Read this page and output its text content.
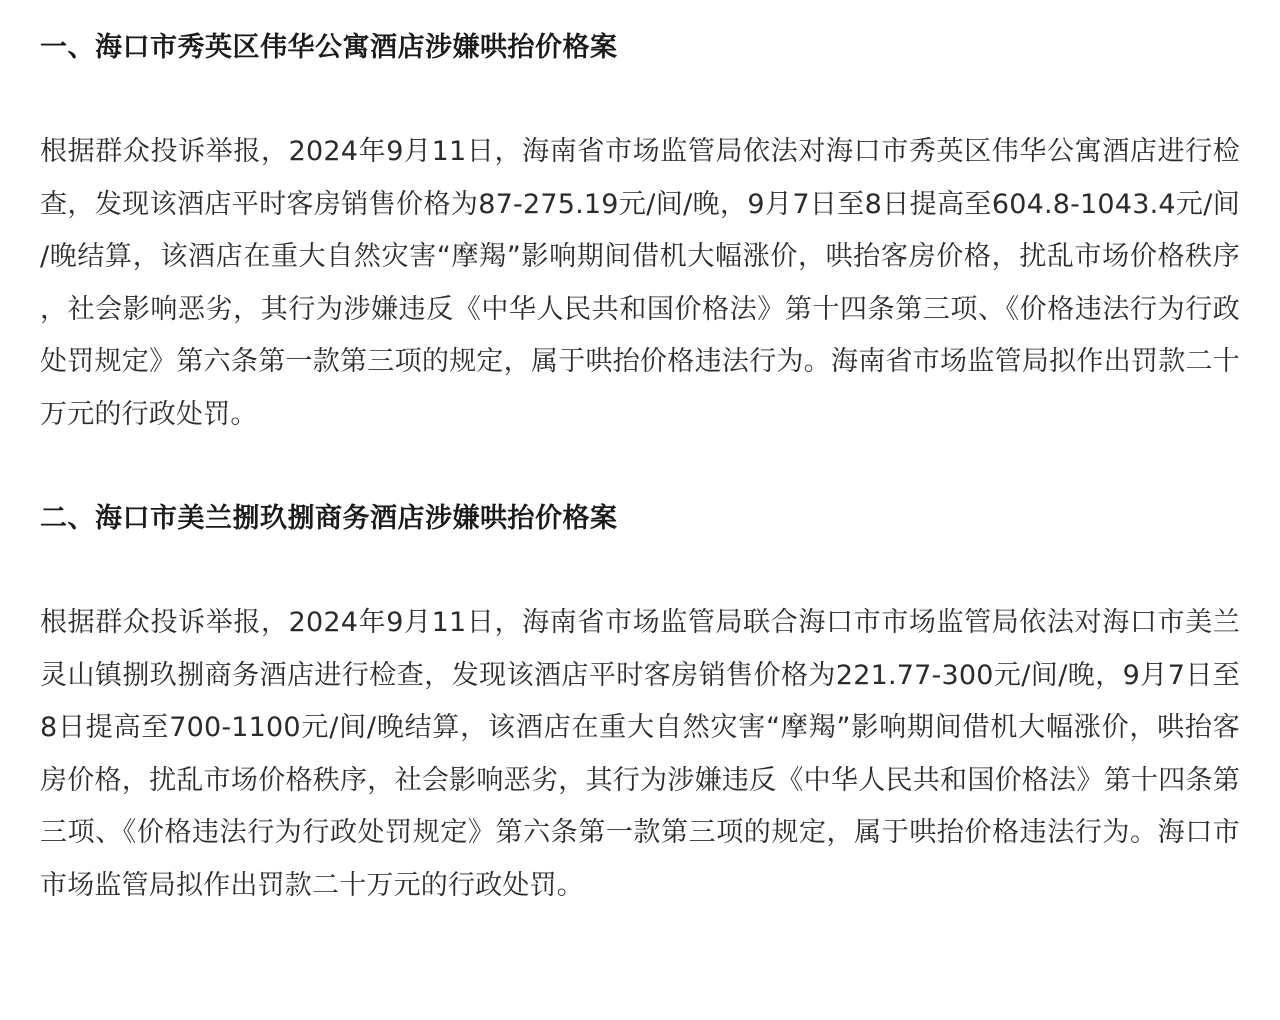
一、海口市秀英区伟华公寓酒店涉嫌哄抬价格案

根据群众投诉举报，2024年9月11日，海南省市场监管局依法对海口市秀英区伟华公寓酒店进行检查，发现该酒店平时客房销售价格为87-275.19元/间/晚，9月7日至8日提高至604.8-1043.4元/间/晚结算，该酒店在重大自然灾害“摩羯”影响期间借机大幅涨价，哄抬客房价格，扰乱市场价格秩序，社会影响恶劣，其行为涉嫌违反《中华人民共和国价格法》第十四条第三项、《价格违法行为行政处罚规定》第六条第一款第三项的规定，属于哄抬价格违法行为。海南省市场监管局拟作出罚款二十万元的行政处罚。

二、海口市美兰捌玖捌商务酒店涉嫌哄抬价格案

根据群众投诉举报，2024年9月11日，海南省市场监管局联合海口市市场监管局依法对海口市美兰灵山镇捌玖捌商务酒店进行检查，发现该酒店平时客房销售价格为221.77-300元/间/晚，9月7日至8日提高至700-1100元/间/晚结算，该酒店在重大自然灾害“摩羯”影响期间借机大幅涨价，哄抬客房价格，扰乱市场价格秩序，社会影响恶劣，其行为涉嫌违反《中华人民共和国价格法》第十四条第三项、《价格违法行为行政处罚规定》第六条第一款第三项的规定，属于哄抬价格违法行为。海口市市场监管局拟作出罚款二十万元的行政处罚。
